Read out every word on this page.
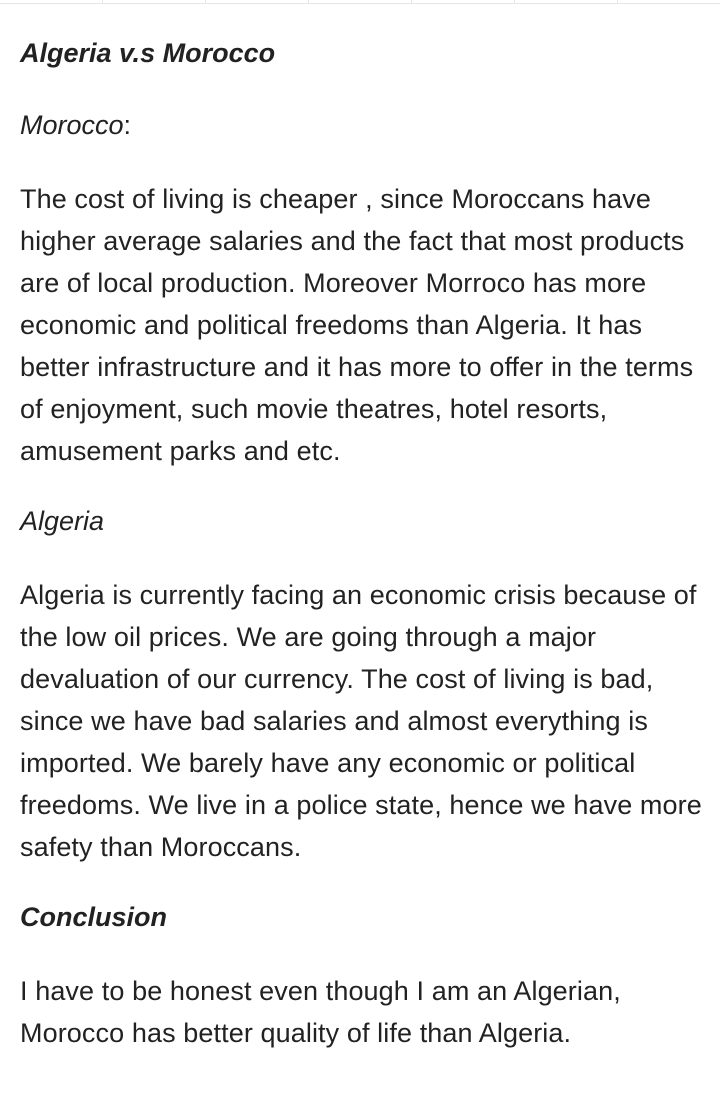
Algeria v.s Morocco
Morocco:

The cost of living is cheaper , since Moroccans have higher average salaries and the fact that most products are of local production. Moreover Morroco has more economic and political freedoms than Algeria. It has better infrastructure and it has more to offer in the terms of enjoyment, such movie theatres, hotel resorts, amusement parks and etc.

Algeria

Algeria is currently facing an economic crisis because of the low oil prices. We are going through a major devaluation of our currency. The cost of living is bad, since we have bad salaries and almost everything is imported. We barely have any economic or political freedoms. We live in a police state, hence we have more safety than Moroccans.

Conclusion

I have to be honest even though I am an Algerian, Morocco has better quality of life than Algeria.
